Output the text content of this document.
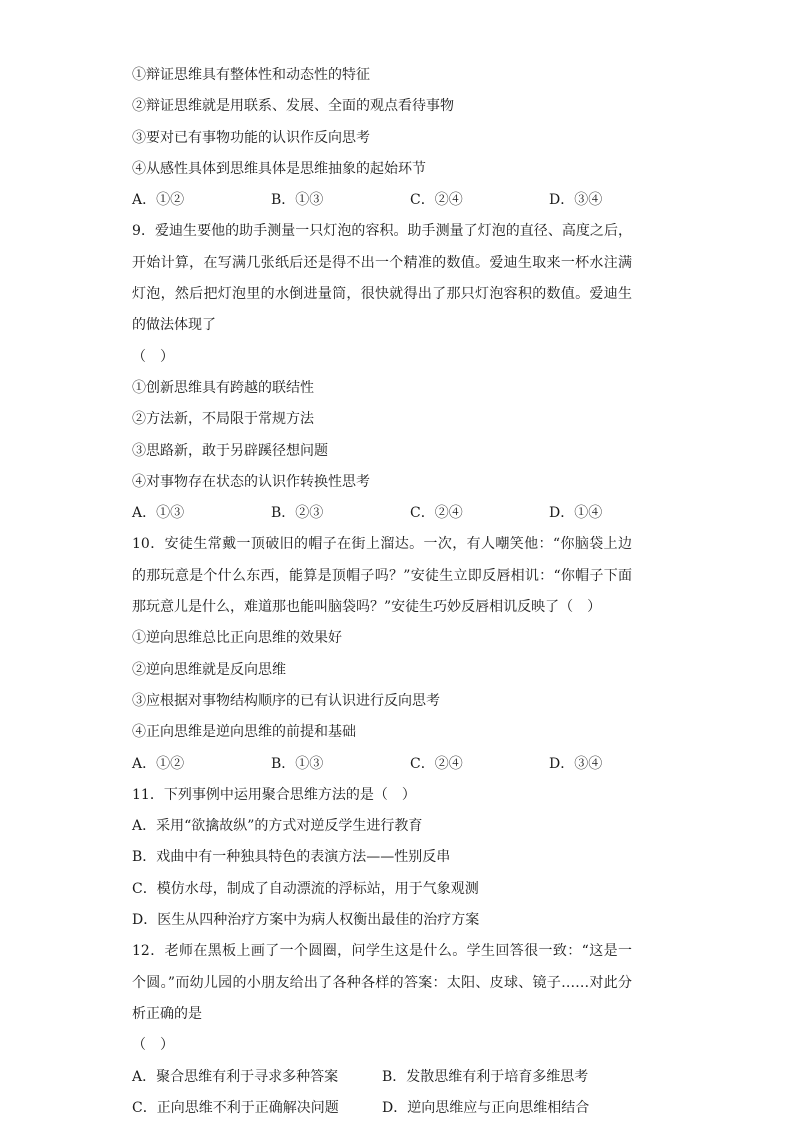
①辩证思维具有整体性和动态性的特征
②辩证思维就是用联系、发展、全面的观点看待事物
③要对已有事物功能的认识作反向思考
④从感性具体到思维具体是思维抽象的起始环节
A．①②	B．①③	C．②④	D．③④
9．爱迪生要他的助手测量一只灯泡的容积。助手测量了灯泡的直径、高度之后，开始计算，在写满几张纸后还是得不出一个精准的数值。爱迪生取来一杯水注满灯泡，然后把灯泡里的水倒进量筒，很快就得出了那只灯泡容积的数值。爱迪生的做法体现了
（　）
①创新思维具有跨越的联结性
②方法新，不局限于常规方法
③思路新，敢于另辟蹊径想问题
④对事物存在状态的认识作转换性思考
A．①③	B．②③	C．②④	D．①④
10．安徒生常戴一顶破旧的帽子在街上溜达。一次，有人嘲笑他：“你脑袋上边的那玩意是个什么东西，能算是顶帽子吗？”安徒生立即反唇相讥：“你帽子下面那玩意儿是什么，难道那也能叫脑袋吗？”安徒生巧妙反唇相讥反映了（　）
①逆向思维总比正向思维的效果好
②逆向思维就是反向思维
③应根据对事物结构顺序的已有认识进行反向思考
④正向思维是逆向思维的前提和基础
A．①②	B．①③	C．②④	D．③④
11．下列事例中运用聚合思维方法的是（　）
A．采用“欲擒故纵”的方式对逆反学生进行教育
B．戏曲中有一种独具特色的表演方法——性别反串
C．模仿水母，制成了自动漂流的浮标站，用于气象观测
D．医生从四种治疗方案中为病人权衡出最佳的治疗方案
12．老师在黑板上画了一个圆圈，问学生这是什么。学生回答很一致：“这是一个圆。”而幼儿园的小朋友给出了各种各样的答案：太阳、皮球、镜子……对此分析正确的是
（　）
A．聚合思维有利于寻求多种答案	B．发散思维有利于培育多维思考
C．正向思维不利于正确解决问题	D．逆向思维应与正向思维相结合
